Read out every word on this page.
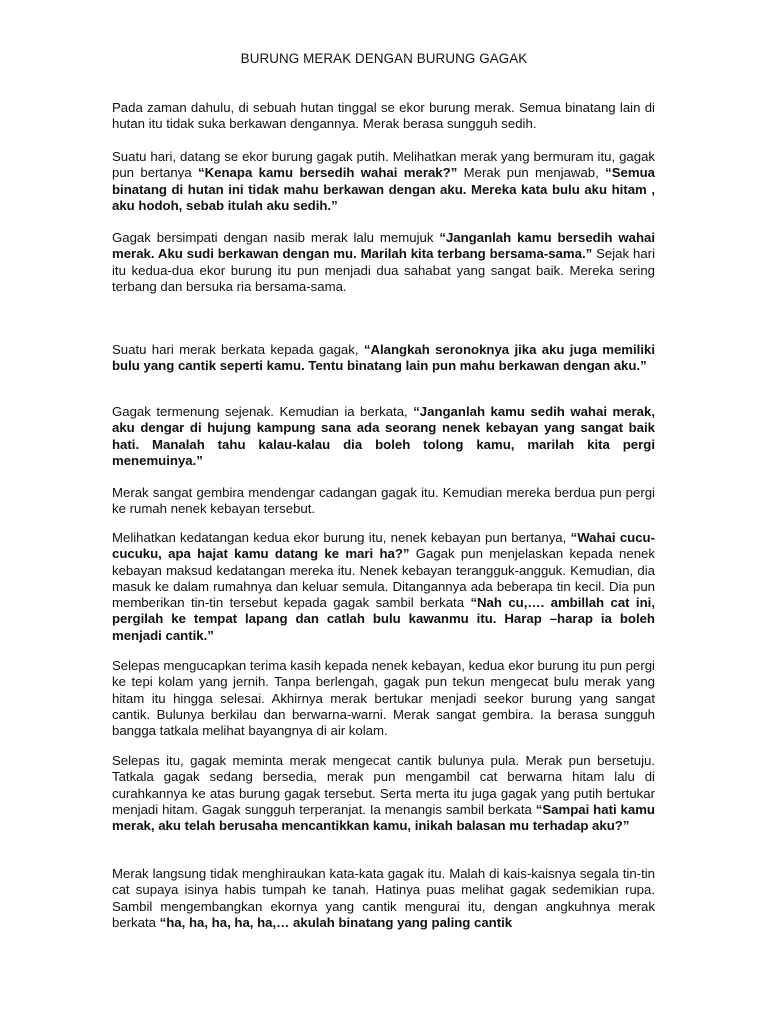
BURUNG MERAK DENGAN BURUNG GAGAK

Pada zaman dahulu, di sebuah hutan tinggal se ekor burung merak. Semua binatang lain di hutan itu tidak suka berkawan dengannya. Merak berasa sungguh sedih.

Suatu hari, datang se ekor burung gagak putih. Melihatkan merak yang bermuram itu, gagak pun bertanya “Kenapa kamu bersedih wahai merak?” Merak pun menjawab, “Semua binatang di hutan ini tidak mahu berkawan dengan aku. Mereka kata bulu aku hitam , aku hodoh, sebab itulah aku sedih.”

Gagak bersimpati dengan nasib merak lalu memujuk “Janganlah kamu bersedih wahai merak. Aku sudi berkawan dengan mu. Marilah kita terbang bersama-sama.” Sejak hari itu kedua-dua ekor burung itu pun menjadi dua sahabat yang sangat baik. Mereka sering terbang dan bersuka ria bersama-sama.

Suatu hari merak berkata kepada gagak, “Alangkah seronoknya jika aku juga memiliki bulu yang cantik seperti kamu. Tentu binatang lain pun mahu berkawan dengan aku.”

Gagak termenung sejenak. Kemudian ia berkata, “Janganlah kamu sedih wahai merak, aku dengar di hujung kampung sana ada seorang nenek kebayan yang sangat baik hati. Manalah tahu kalau-kalau dia boleh tolong kamu, marilah kita pergi menemuinya.”

Merak sangat gembira mendengar cadangan gagak itu. Kemudian mereka berdua pun pergi ke rumah nenek kebayan tersebut.

Melihatkan kedatangan kedua ekor burung itu, nenek kebayan pun bertanya, “Wahai cucu-cucuku, apa hajat kamu datang ke mari ha?” Gagak pun menjelaskan kepada nenek kebayan maksud kedatangan mereka itu. Nenek kebayan terangguk-angguk. Kemudian, dia masuk ke dalam rumahnya dan keluar semula. Ditangannya ada beberapa tin kecil. Dia pun memberikan tin-tin tersebut kepada gagak sambil berkata “Nah cu,…. ambillah cat ini, pergilah ke tempat lapang dan catlah bulu kawanmu itu. Harap –harap ia boleh menjadi cantik.”

Selepas mengucapkan terima kasih kepada nenek kebayan, kedua ekor burung itu pun pergi ke tepi kolam yang jernih. Tanpa berlengah, gagak pun tekun mengecat bulu merak yang hitam itu hingga selesai. Akhirnya merak bertukar menjadi seekor burung yang sangat cantik. Bulunya berkilau dan berwarna-warni. Merak sangat gembira. Ia berasa sungguh bangga tatkala melihat bayangnya di air kolam.

Selepas itu, gagak meminta merak mengecat cantik bulunya pula. Merak pun bersetuju. Tatkala gagak sedang bersedia, merak pun mengambil cat berwarna hitam lalu di curahkannya ke atas burung gagak tersebut. Serta merta itu juga gagak yang putih bertukar menjadi hitam. Gagak sungguh terperanjat. Ia menangis sambil berkata “Sampai hati kamu merak, aku telah berusaha mencantikkan kamu, inikah balasan mu terhadap aku?”

Merak langsung tidak menghiraukan kata-kata gagak itu. Malah di kais-kaisnya segala tin-tin cat supaya isinya habis tumpah ke tanah. Hatinya puas melihat gagak sedemikian rupa. Sambil mengembangkan ekornya yang cantik mengurai itu, dengan angkuhnya merak berkata “ha, ha, ha, ha, ha,… akulah binatang yang paling cantik
